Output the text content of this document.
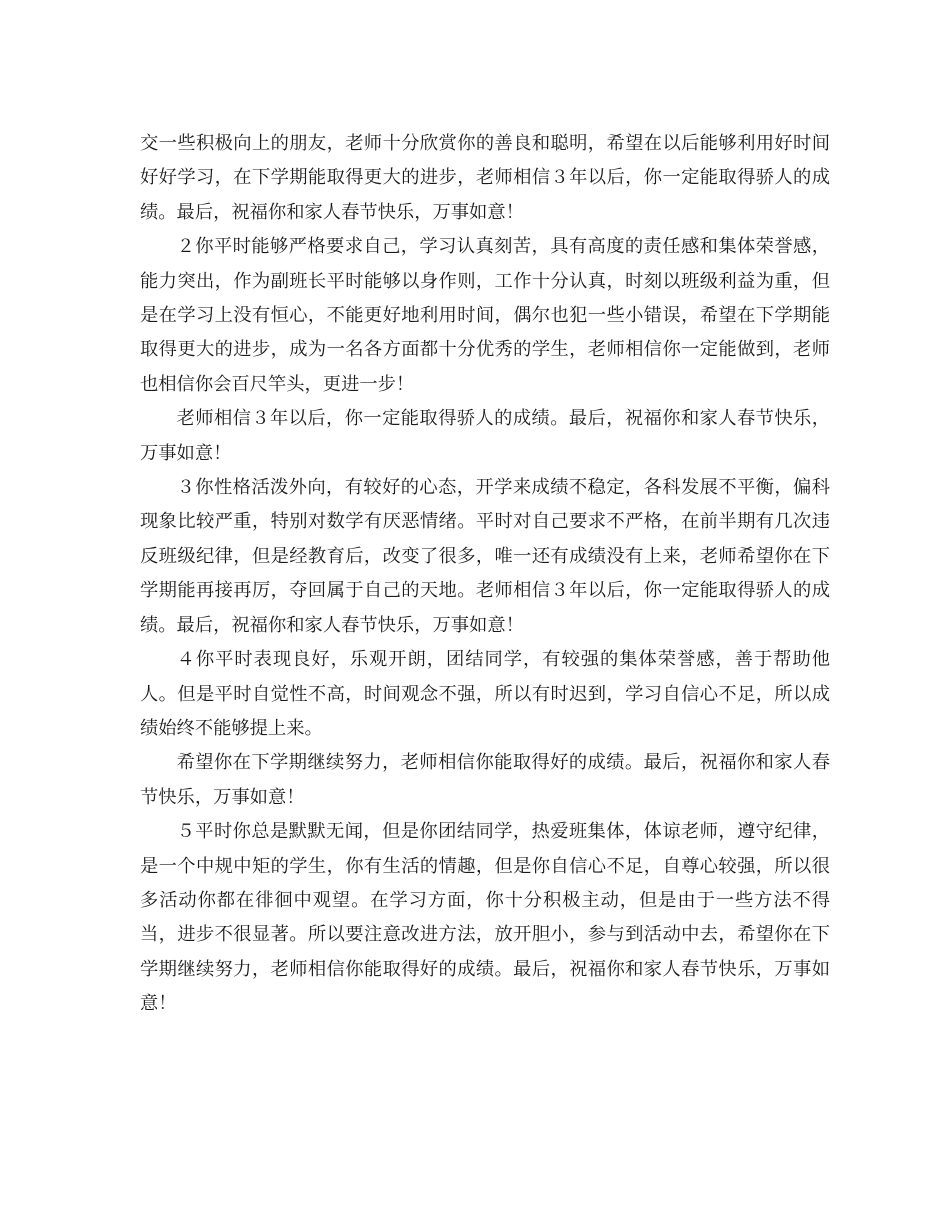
交一些积极向上的朋友，老师十分欣赏你的善良和聪明，希望在以后能够利用好时间好好学习，在下学期能取得更大的进步，老师相信３年以后，你一定能取得骄人的成绩。最后，祝福你和家人春节快乐，万事如意！

２你平时能够严格要求自己，学习认真刻苦，具有高度的责任感和集体荣誉感，能力突出，作为副班长平时能够以身作则，工作十分认真，时刻以班级利益为重，但是在学习上没有恒心，不能更好地利用时间，偶尔也犯一些小错误，希望在下学期能取得更大的进步，成为一名各方面都十分优秀的学生，老师相信你一定能做到，老师也相信你会百尺竿头，更进一步！

老师相信３年以后，你一定能取得骄人的成绩。最后，祝福你和家人春节快乐，万事如意！

３你性格活泼外向，有较好的心态，开学来成绩不稳定，各科发展不平衡，偏科现象比较严重，特别对数学有厌恶情绪。平时对自己要求不严格，在前半期有几次违反班级纪律，但是经教育后，改变了很多，唯一还有成绩没有上来，老师希望你在下学期能再接再厉，夺回属于自己的天地。老师相信３年以后，你一定能取得骄人的成绩。最后，祝福你和家人春节快乐，万事如意！

４你平时表现良好，乐观开朗，团结同学，有较强的集体荣誉感，善于帮助他人。但是平时自觉性不高，时间观念不强，所以有时迟到，学习自信心不足，所以成绩始终不能够提上来。

希望你在下学期继续努力，老师相信你能取得好的成绩。最后，祝福你和家人春节快乐，万事如意！

５平时你总是默默无闻，但是你团结同学，热爱班集体，体谅老师，遵守纪律，是一个中规中矩的学生，你有生活的情趣，但是你自信心不足，自尊心较强，所以很多活动你都在徘徊中观望。在学习方面，你十分积极主动，但是由于一些方法不得当，进步不很显著。所以要注意改进方法，放开胆小，参与到活动中去，希望你在下学期继续努力，老师相信你能取得好的成绩。最后，祝福你和家人春节快乐，万事如意！
